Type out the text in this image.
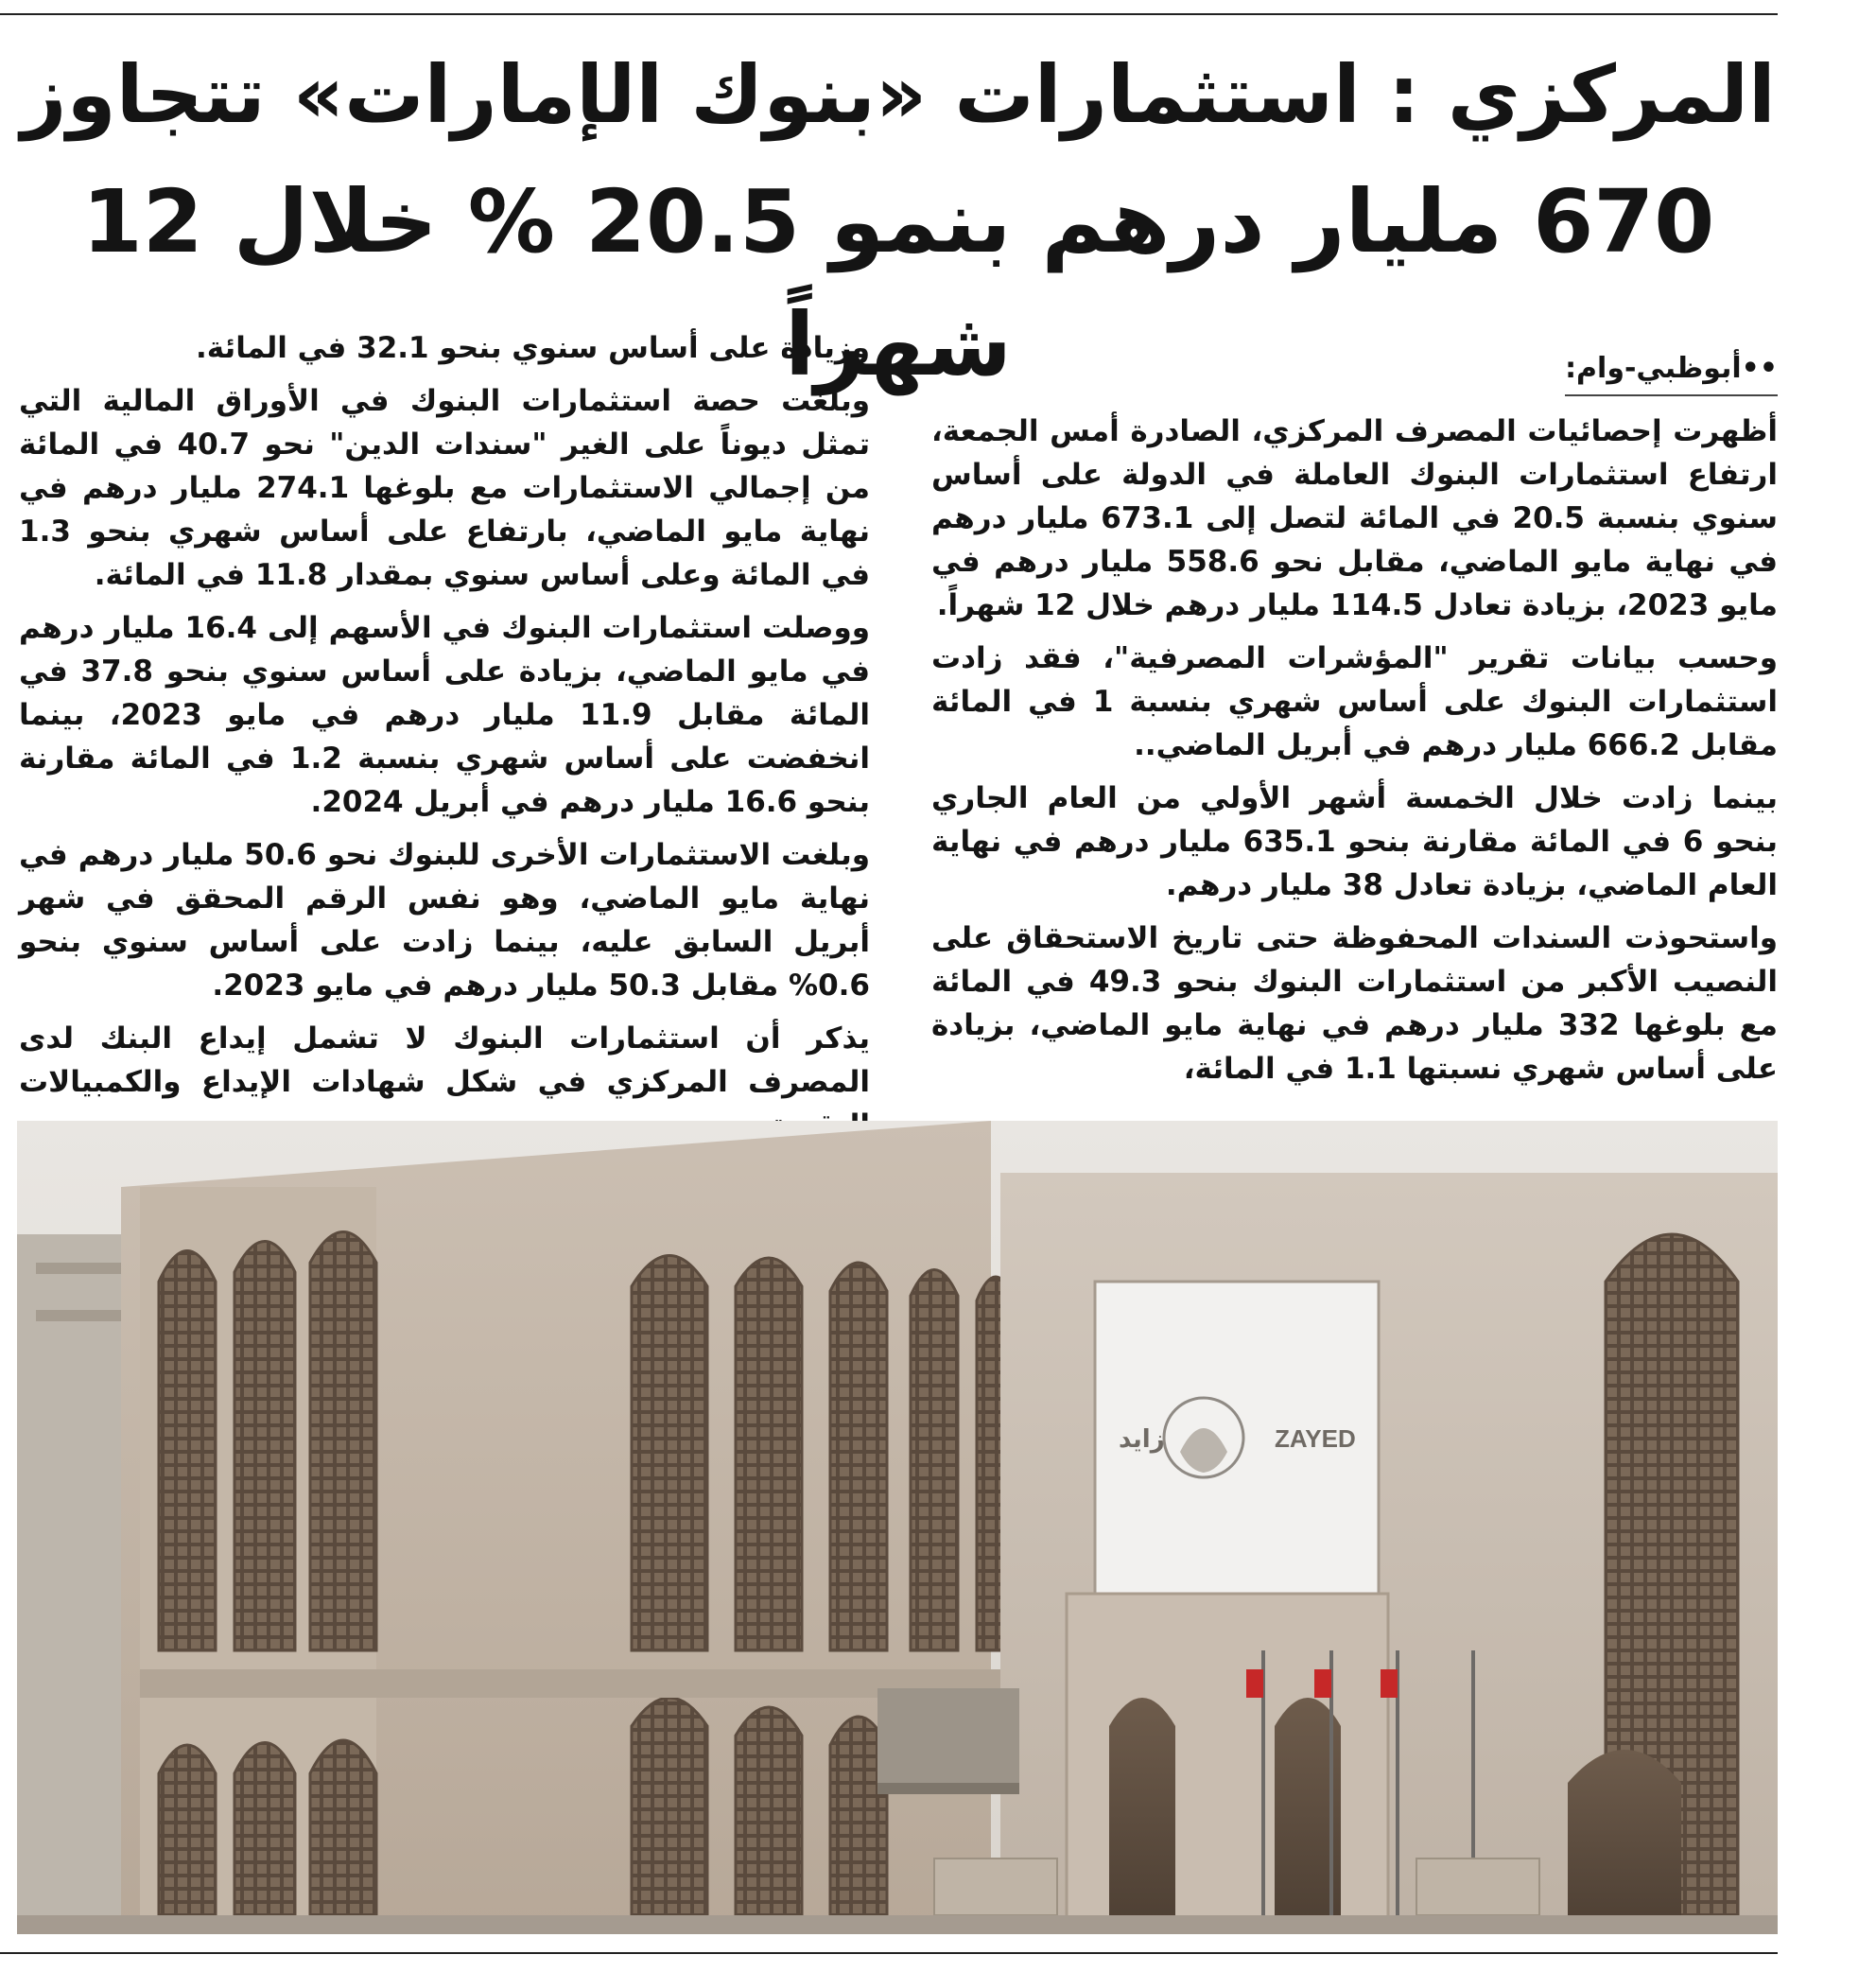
المركزي : استثمارات «بنوك الإمارات» تتجاوز
670 مليار درهم بنمو 20.5 % خلال 12 شهراً	••أبوظبي-وام:

أظهرت إحصائيات المصرف المركزي، الصادرة أمس الجمعة، ارتفاع استثمارات البنوك العاملة في الدولة على أساس سنوي بنسبة 20.5 في المائة لتصل إلى 673.1 مليار درهم في نهاية مايو الماضي، مقابل نحو 558.6 مليار درهم في مايو 2023، بزيادة تعادل 114.5 مليار درهم خلال 12 شهراً.

وحسب بيانات تقرير "المؤشرات المصرفية"، فقد زادت استثمارات البنوك على أساس شهري بنسبة 1 في المائة مقابل 666.2 مليار درهم في أبريل الماضي..

بينما زادت خلال الخمسة أشهر الأولي من العام الجاري بنحو 6 في المائة مقارنة بنحو 635.1 مليار درهم في نهاية العام الماضي، بزيادة تعادل 38 مليار درهم.

واستحوذت السندات المحفوظة حتى تاريخ الاستحقاق على النصيب الأكبر من استثمارات البنوك بنحو 49.3 في المائة مع بلوغها 332 مليار درهم في نهاية مايو الماضي، بزيادة على أساس شهري نسبتها 1.1 في المائة،

وزيادة على أساس سنوي بنحو 32.1 في المائة.

وبلغت حصة استثمارات البنوك في الأوراق المالية التي تمثل ديوناً على الغير "سندات الدين" نحو 40.7 في المائة من إجمالي الاستثمارات مع بلوغها 274.1 مليار درهم في نهاية مايو الماضي، بارتفاع على أساس شهري بنحو 1.3 في المائة وعلى أساس سنوي بمقدار 11.8 في المائة.

ووصلت استثمارات البنوك في الأسهم إلى 16.4 مليار درهم في مايو الماضي، بزيادة على أساس سنوي بنحو 37.8 في المائة مقابل 11.9 مليار درهم في مايو 2023، بينما انخفضت على أساس شهري بنسبة 1.2 في المائة مقارنة بنحو 16.6 مليار درهم في أبريل 2024.

وبلغت الاستثمارات الأخرى للبنوك نحو 50.6 مليار درهم في نهاية مايو الماضي، وهو نفس الرقم المحقق في شهر أبريل السابق عليه، بينما زادت على أساس سنوي بنحو 0.6% مقابل 50.3 مليار درهم في مايو 2023.

يذكر أن استثمارات البنوك لا تشمل إيداع البنك لدى المصرف المركزي في شكل شهادات الإيداع والكمبيالات

ZAYED
زايد
